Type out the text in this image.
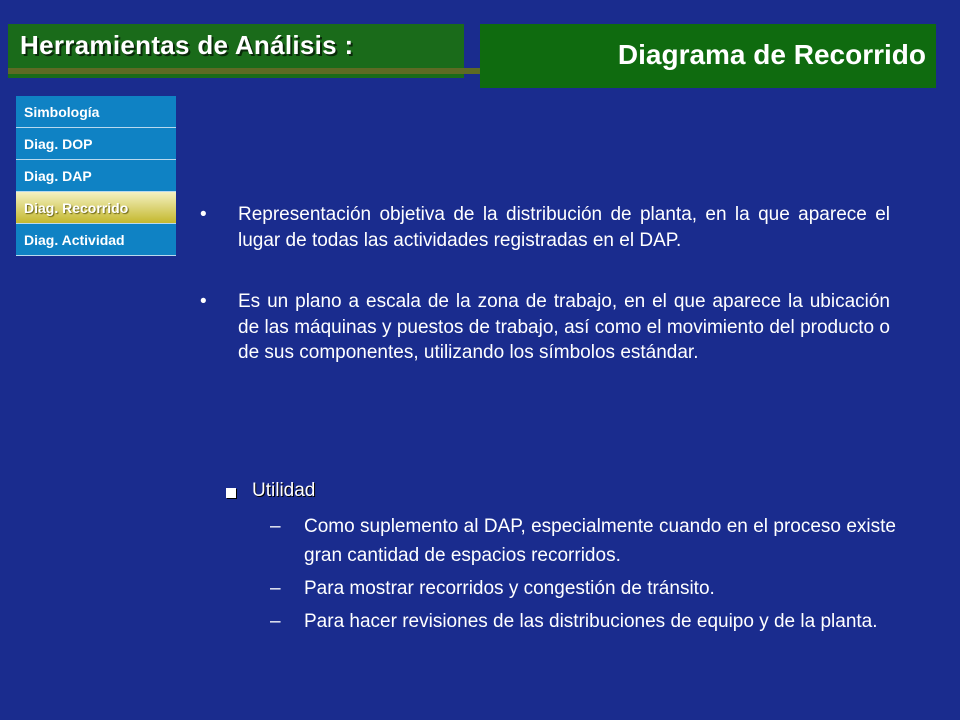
Herramientas de Análisis :	Diagrama de Recorrido
Simbología
Diag. DOP
Diag. DAP
Diag. Recorrido
Diag. Actividad
•	Representación objetiva de la distribución de planta, en la que aparece el lugar de todas las actividades registradas en el DAP.
•	Es un plano a escala de la zona de trabajo, en el que aparece la ubicación de las máquinas y puestos de trabajo, así como el movimiento del producto o de sus componentes, utilizando los símbolos estándar.
Utilidad
–	Como suplemento al DAP, especialmente cuando en el proceso existe gran cantidad de espacios recorridos.
–	Para mostrar recorridos y congestión de tránsito.
–	Para hacer revisiones de las distribuciones de equipo y de la planta.
